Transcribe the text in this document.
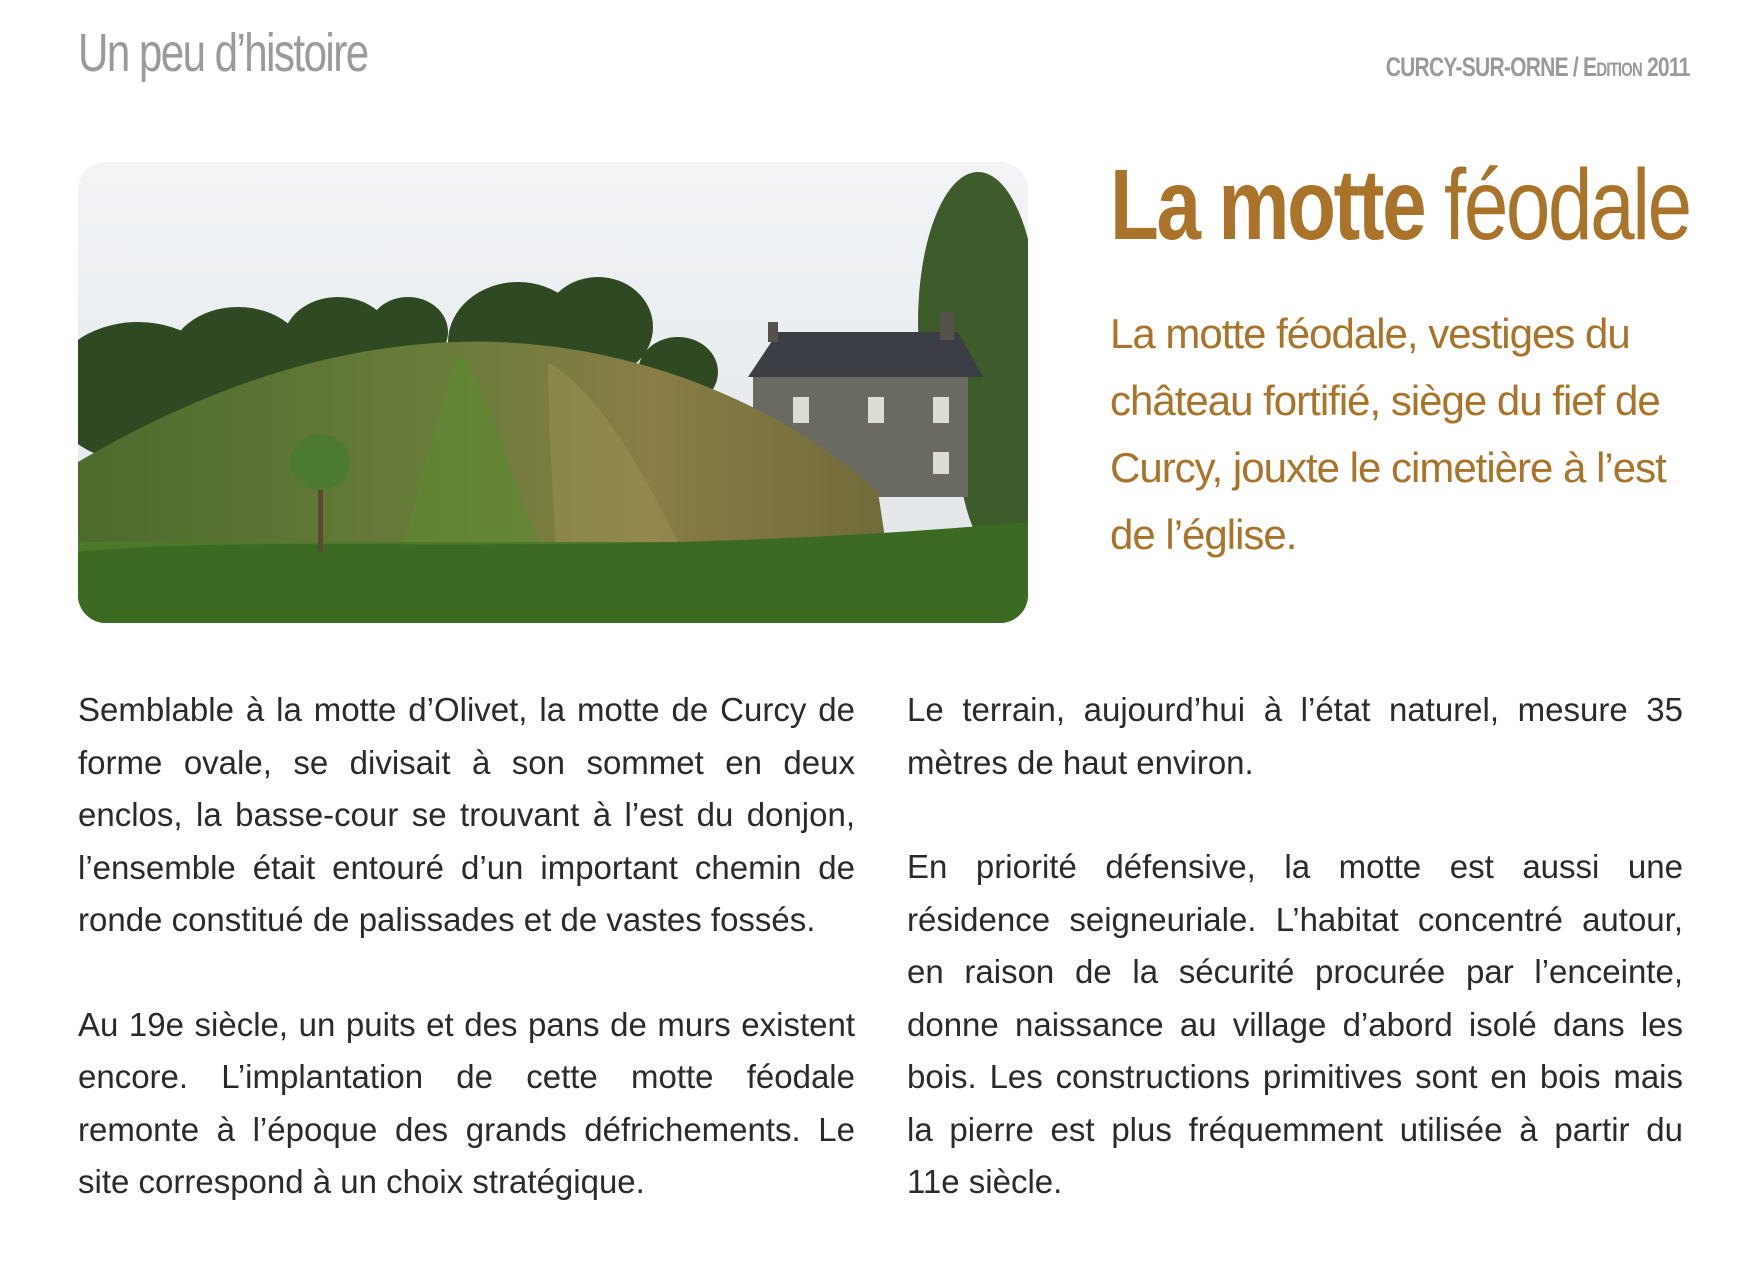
Un peu d’histoire	CURCY-SUR-ORNE / Edition 2011
La motte féodale
La motte féodale, vestiges du château fortifié, siège du fief de Curcy, jouxte le cimetière à l’est de l’église.

Semblable à la motte d’Olivet, la motte de Curcy de forme ovale, se divisait à son sommet en deux enclos, la basse-cour se trouvant à l’est du donjon, l’ensemble était entouré d’un important chemin de ronde constitué de palissades et de vastes fossés.

Au 19e siècle, un puits et des pans de murs existent encore. L’implantation de cette motte féodale remonte à l’époque des grands défrichements. Le site correspond à un choix stratégique.

Le terrain, aujourd’hui à l’état naturel, mesure 35 mètres de haut environ.

En priorité défensive, la motte est aussi une résidence seigneuriale. L’habitat concentré autour, en raison de la sécurité procurée par l’enceinte, donne naissance au village d’abord isolé dans les bois. Les constructions primitives sont en bois mais la pierre est plus fréquemment utilisée à partir du 11e siècle.
